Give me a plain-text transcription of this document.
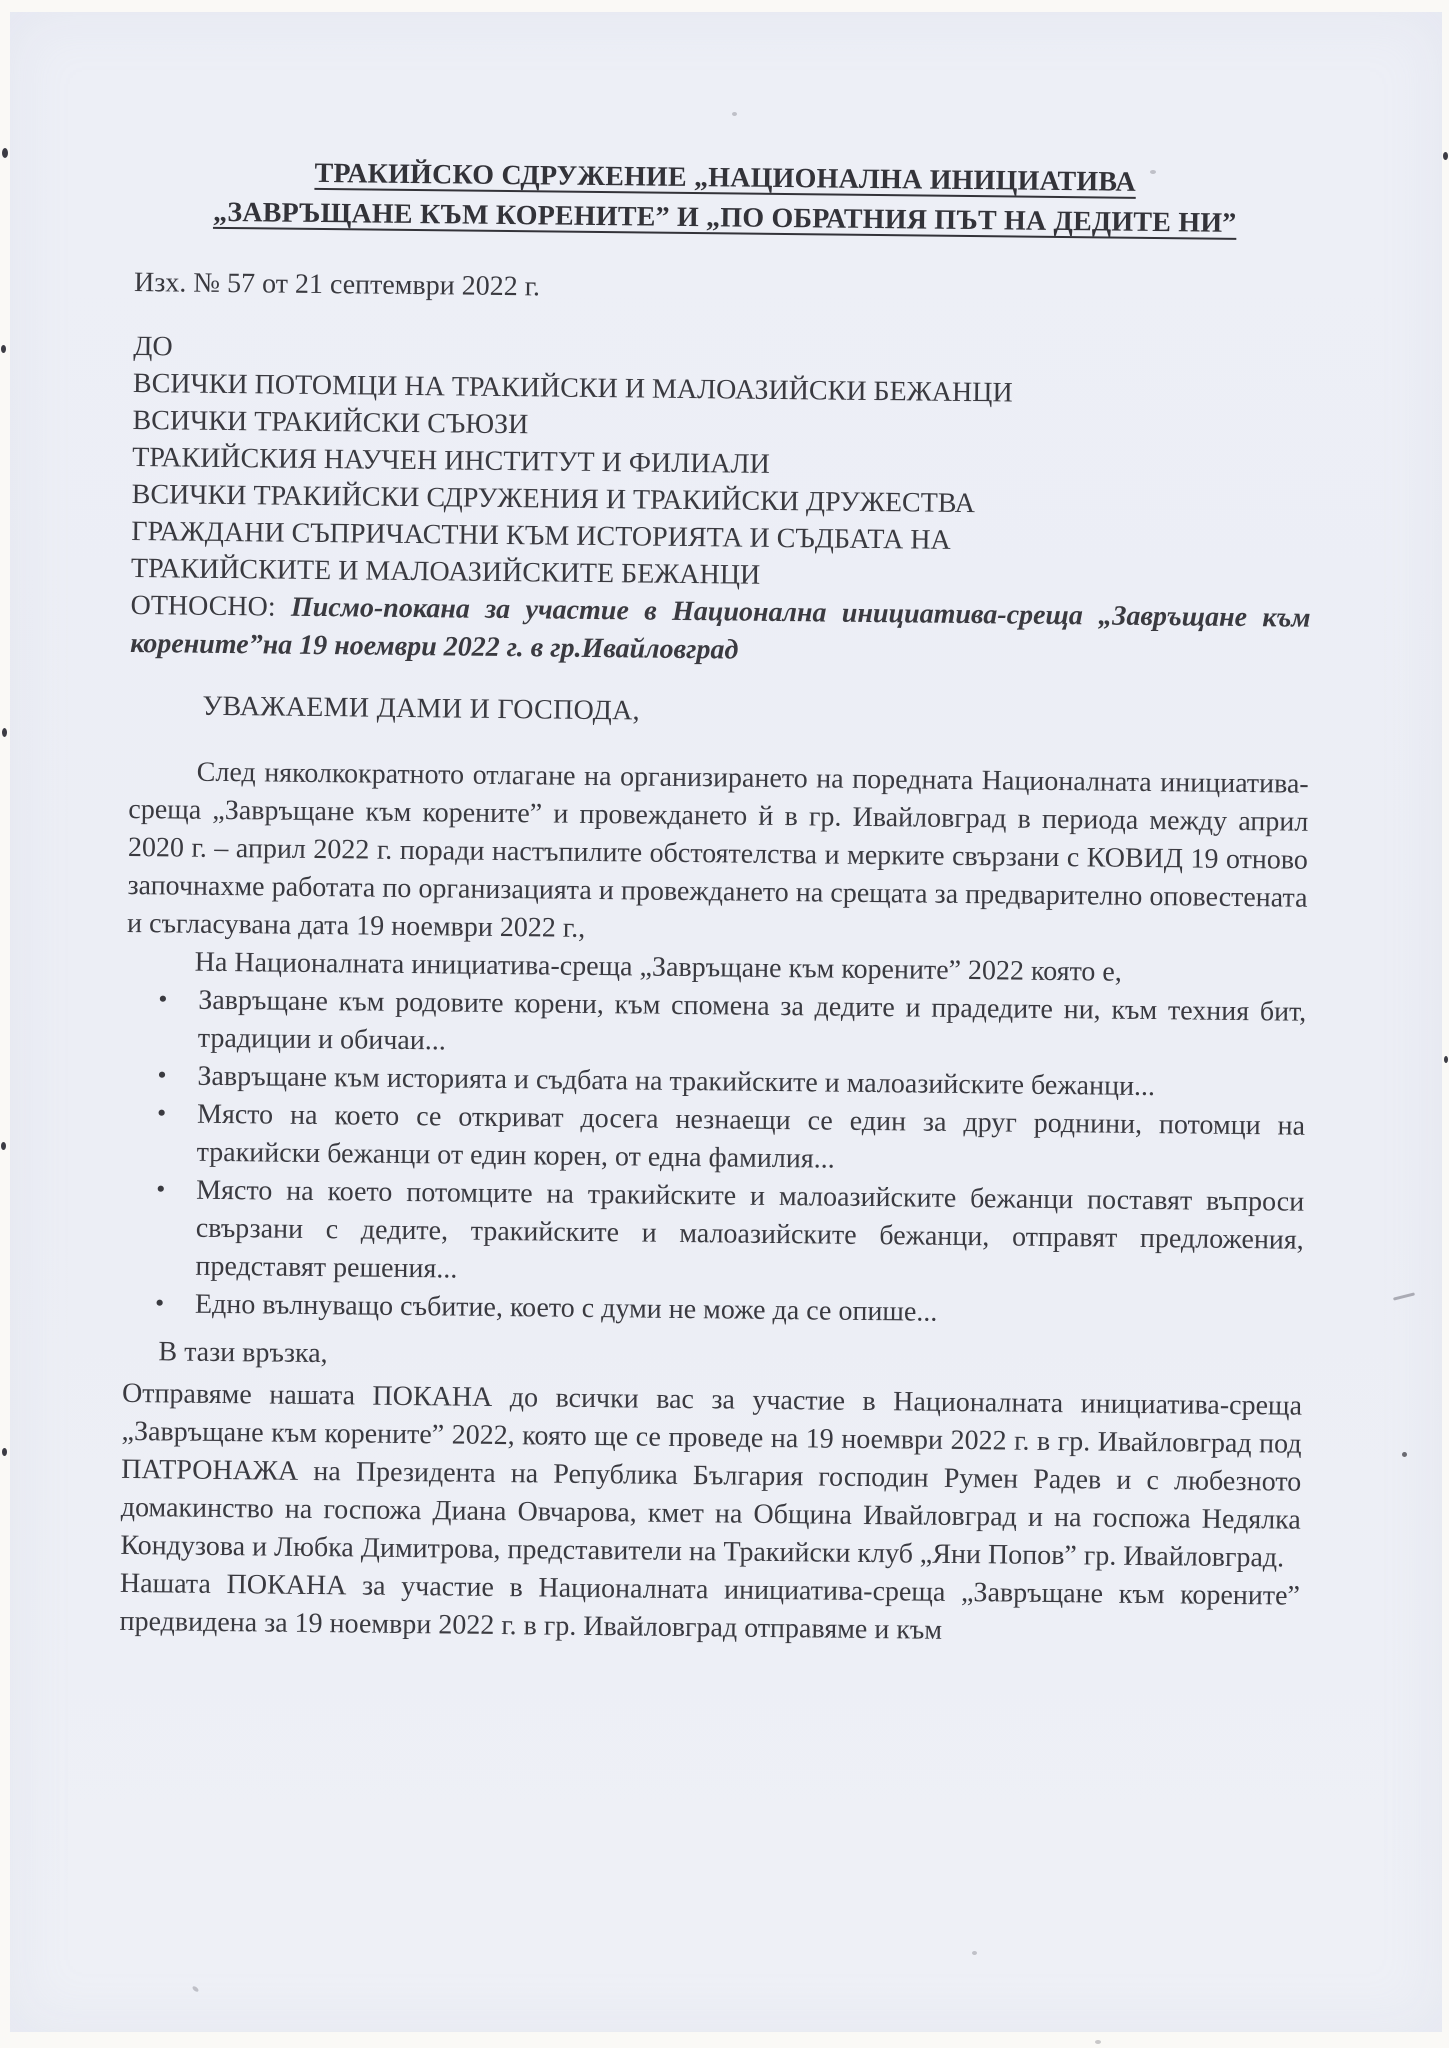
ТРАКИЙСКО СДРУЖЕНИЕ „НАЦИОНАЛНА ИНИЦИАТИВА
„ЗАВРЪЩАНЕ КЪМ КОРЕНИТЕ” И „ПО ОБРАТНИЯ ПЪТ НА ДЕДИТЕ НИ”
Изх. № 57 от 21 септември 2022 г.
ДО
ВСИЧКИ ПОТОМЦИ НА ТРАКИЙСКИ И МАЛОАЗИЙСКИ БЕЖАНЦИ
ВСИЧКИ ТРАКИЙСКИ СЪЮЗИ
ТРАКИЙСКИЯ НАУЧЕН ИНСТИТУТ И ФИЛИАЛИ
ВСИЧКИ ТРАКИЙСКИ СДРУЖЕНИЯ И ТРАКИЙСКИ ДРУЖЕСТВА
ГРАЖДАНИ СЪПРИЧАСТНИ КЪМ ИСТОРИЯТА И СЪДБАТА НА
ТРАКИЙСКИТЕ И МАЛОАЗИЙСКИТЕ БЕЖАНЦИ

ОТНОСНО: Писмо-покана за участие в Национална инициатива-среща „Завръщане към корените”на 19 ноември 2022 г. в гр.Ивайловград

УВАЖАЕМИ ДАМИ И ГОСПОДА,

След няколкократното отлагане на организирането на поредната Националната инициатива-среща „Завръщане към корените” и провеждането й в гр. Ивайловград в периода между април 2020 г. – април 2022 г. поради настъпилите обстоятелства и мерките свързани с КОВИД 19 отново започнахме работата по организацията и провеждането на срещата за предварително оповестената и съгласувана дата 19 ноември 2022 г.,

На Националната инициатива-среща „Завръщане към корените” 2022 която е,

• Завръщане към родовите корени, към спомена за дедите и прадедите ни, към техния бит, традиции и обичаи...
• Завръщане към историята и съдбата на тракийските и малоазийските бежанци...
• Място на което се откриват досега незнаещи се един за друг роднини, потомци на тракийски бежанци от един корен, от една фамилия...
• Място на което потомците на тракийските и малоазийските бежанци поставят въпроси свързани с дедите, тракийските и малоазийските бежанци, отправят предложения, представят решения...
• Едно вълнуващо събитие, което с думи не може да се опише...
В тази връзка,

Отправяме нашата ПОКАНА до всички вас за участие в Националната инициатива-среща „Завръщане към корените” 2022, която ще се проведе на 19 ноември 2022 г. в гр. Ивайловград под ПАТРОНАЖА на Президента на Република България господин Румен Радев и с любезното домакинство на госпожа Диана Овчарова, кмет на Община Ивайловград и на госпожа Недялка Кондузова и Любка Димитрова, представители на Тракийски клуб „Яни Попов” гр. Ивайловград.

Нашата ПОКАНА за участие в Националната инициатива-среща „Завръщане към корените” предвидена за 19 ноември 2022 г. в гр. Ивайловград отправяме и към
